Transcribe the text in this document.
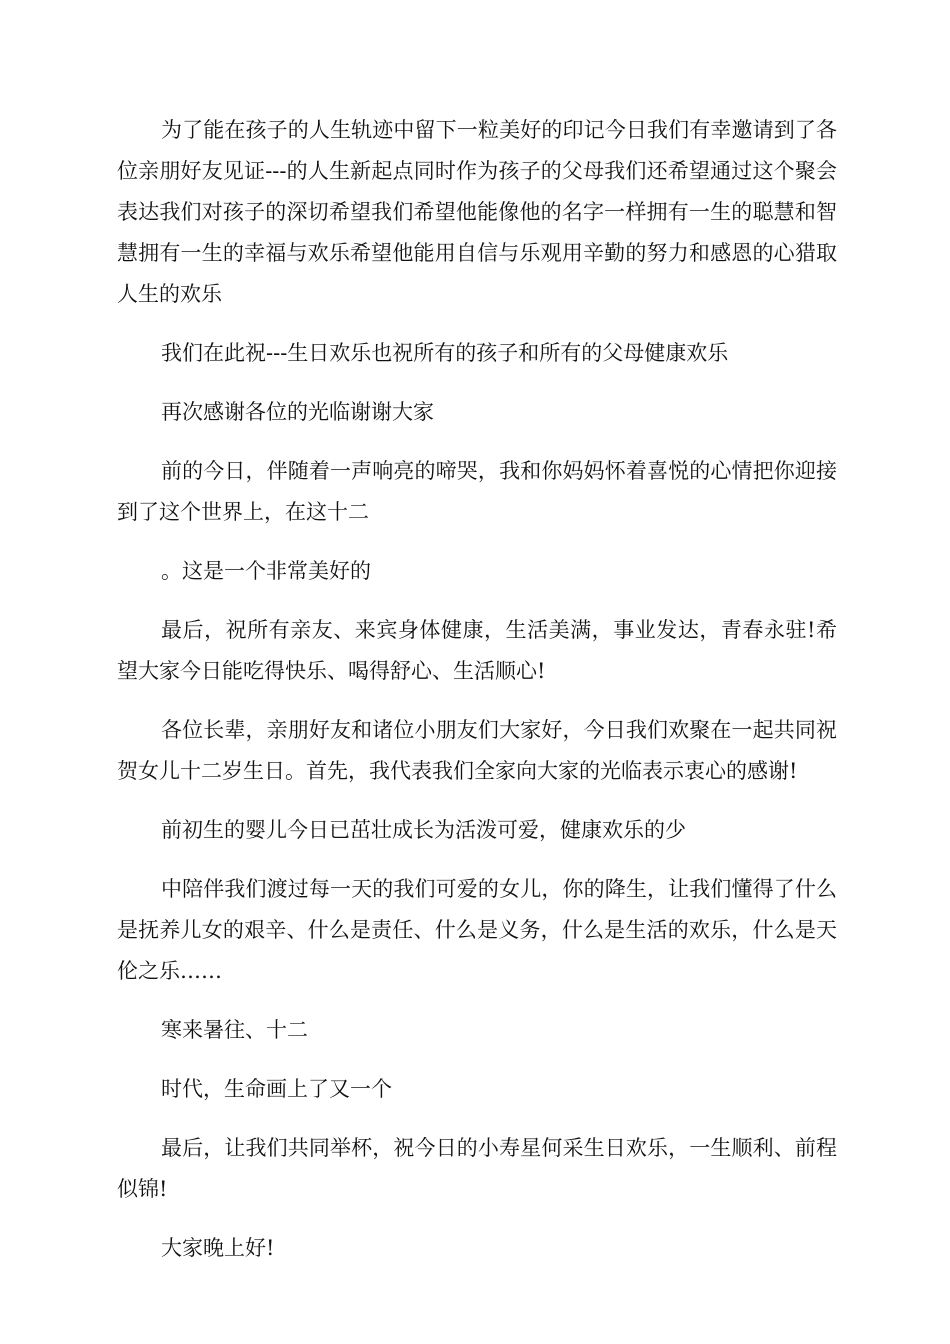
为了能在孩子的人生轨迹中留下一粒美好的印记今日我们有幸邀请到了各位亲朋好友见证---的人生新起点同时作为孩子的父母我们还希望通过这个聚会表达我们对孩子的深切希望我们希望他能像他的名字一样拥有一生的聪慧和智慧拥有一生的幸福与欢乐希望他能用自信与乐观用辛勤的努力和感恩的心猎取人生的欢乐

我们在此祝---生日欢乐也祝所有的孩子和所有的父母健康欢乐

再次感谢各位的光临谢谢大家

前的今日，伴随着一声响亮的啼哭，我和你妈妈怀着喜悦的心情把你迎接到了这个世界上，在这十二

。这是一个非常美好的

最后，祝所有亲友、来宾身体健康，生活美满，事业发达，青春永驻!希望大家今日能吃得快乐、喝得舒心、生活顺心!

各位长辈，亲朋好友和诸位小朋友们大家好，今日我们欢聚在一起共同祝贺女儿十二岁生日。首先，我代表我们全家向大家的光临表示衷心的感谢!

前初生的婴儿今日已茁壮成长为活泼可爱，健康欢乐的少

中陪伴我们渡过每一天的我们可爱的女儿，你的降生，让我们懂得了什么是抚养儿女的艰辛、什么是责任、什么是义务，什么是生活的欢乐，什么是天伦之乐……

寒来暑往、十二

时代，生命画上了又一个

最后，让我们共同举杯，祝今日的小寿星何采生日欢乐，一生顺利、前程似锦!

大家晚上好!
